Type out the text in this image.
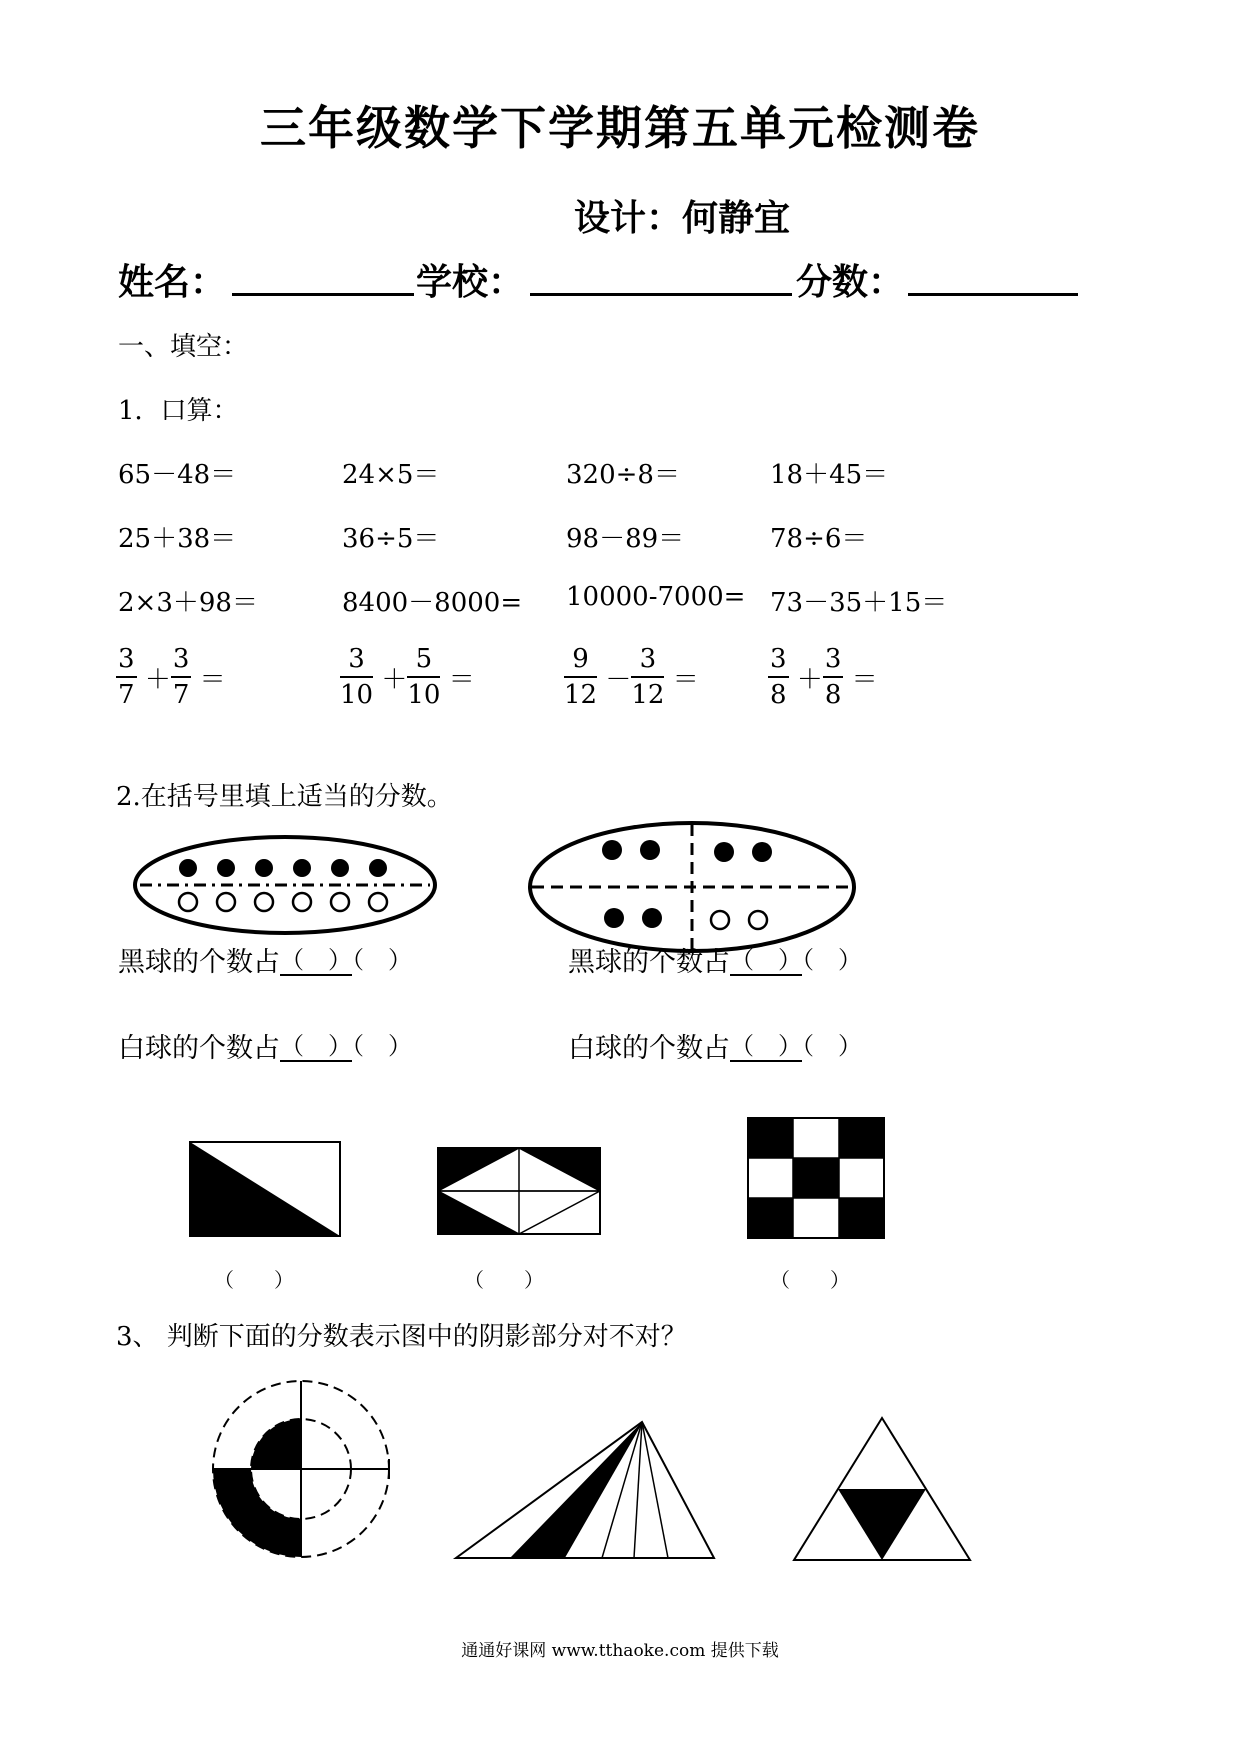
三年级数学下学期第五单元检测卷
设计：何静宜
姓名：	学校：	分数：
一、填空：
1．口算：
65－48＝	24×5＝	320÷8＝	18＋45＝
25＋38＝	36÷5＝	98－89＝	78÷6＝
2×3＋98＝	8400－8000= 10000-7000= 73－35＋15＝
$\frac{3}{7} + \frac{3}{7}$ ＝	$\frac{3}{10} + \frac{5}{10}$ ＝	$\frac{9}{12} - \frac{3}{12}$ ＝	$\frac{3}{8} + \frac{3}{8}$ ＝
2.在括号里填上适当的分数。
黑球的个数占（　）（　）	黑球的个数占（　）（　）
白球的个数占（　）（　）	白球的个数占（　）（　）
（　　）	（　　）	（　　）
3、 判断下面的分数表示图中的阴影部分对不对？
通通好课网 www.tthaoke.com 提供下载
